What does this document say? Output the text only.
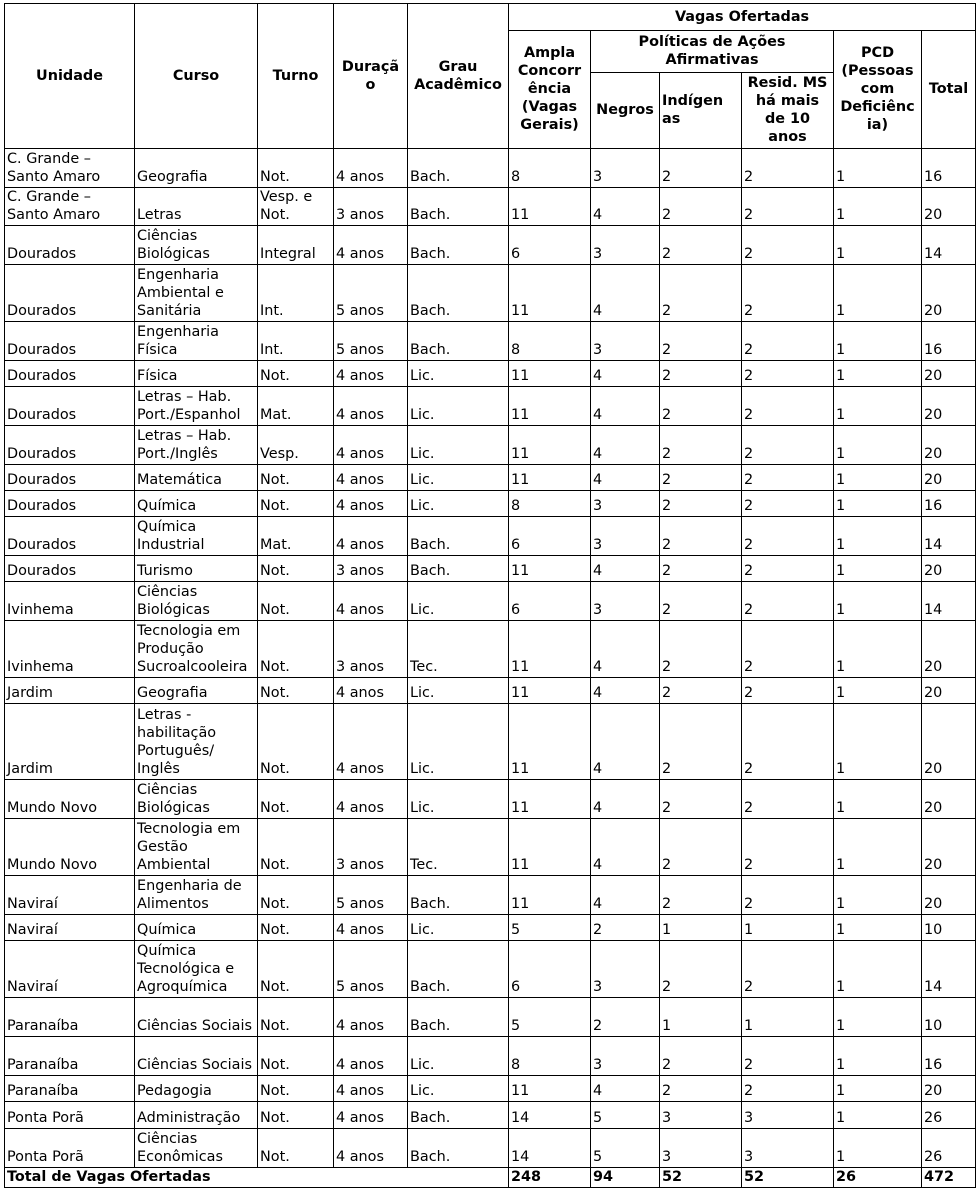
Unidade	Curso	Turno	Duraçã o	Grau Acadêmico	Vagas Ofertadas					
					Ampla Concorr ência (Vagas Gerais)	Políticas de Ações Afirmativas			PCD (Pessoas com Deficiênc ia)	Total
						Negros	Indígen as	Resid. MS há mais de 10 anos		
C. Grande – Santo Amaro	Geografia	Not.	4 anos	Bach.	8	3	2	2	1	16
C. Grande – Santo Amaro	Letras	Vesp. e Not.	3 anos	Bach.	11	4	2	2	1	20
Dourados	Ciências Biológicas	Integral	4 anos	Bach.	6	3	2	2	1	14
Dourados	Engenharia Ambiental e Sanitária	Int.	5 anos	Bach.	11	4	2	2	1	20
Dourados	Engenharia Física	Int.	5 anos	Bach.	8	3	2	2	1	16
Dourados	Física	Not.	4 anos	Lic.	11	4	2	2	1	20
Dourados	Letras – Hab. Port./Espanhol	Mat.	4 anos	Lic.	11	4	2	2	1	20
Dourados	Letras – Hab. Port./Inglês	Vesp.	4 anos	Lic.	11	4	2	2	1	20
Dourados	Matemática	Not.	4 anos	Lic.	11	4	2	2	1	20
Dourados	Química	Not.	4 anos	Lic.	8	3	2	2	1	16
Dourados	Química Industrial	Mat.	4 anos	Bach.	6	3	2	2	1	14
Dourados	Turismo	Not.	3 anos	Bach.	11	4	2	2	1	20
Ivinhema	Ciências Biológicas	Not.	4 anos	Lic.	6	3	2	2	1	14
Ivinhema	Tecnologia em Produção Sucroalcooleira	Not.	3 anos	Tec.	11	4	2	2	1	20
Jardim	Geografia	Not.	4 anos	Lic.	11	4	2	2	1	20
Jardim	Letras - habilitação Português/ Inglês	Not.	4 anos	Lic.	11	4	2	2	1	20
Mundo Novo	Ciências Biológicas	Not.	4 anos	Lic.	11	4	2	2	1	20
Mundo Novo	Tecnologia em Gestão Ambiental	Not.	3 anos	Tec.	11	4	2	2	1	20
Naviraí	Engenharia de Alimentos	Not.	5 anos	Bach.	11	4	2	2	1	20
Naviraí	Química	Not.	4 anos	Lic.	5	2	1	1	1	10
Naviraí	Química Tecnológica e Agroquímica	Not.	5 anos	Bach.	6	3	2	2	1	14
Paranaíba	Ciências Sociais	Not.	4 anos	Bach.	5	2	1	1	1	10
Paranaíba	Ciências Sociais	Not.	4 anos	Lic.	8	3	2	2	1	16
Paranaíba	Pedagogia	Not.	4 anos	Lic.	11	4	2	2	1	20
Ponta Porã	Administração	Not.	4 anos	Bach.	14	5	3	3	1	26
Ponta Porã	Ciências Econômicas	Not.	4 anos	Bach.	14	5	3	3	1	26
Total de Vagas Ofertadas					248	94	52	52	26	472
